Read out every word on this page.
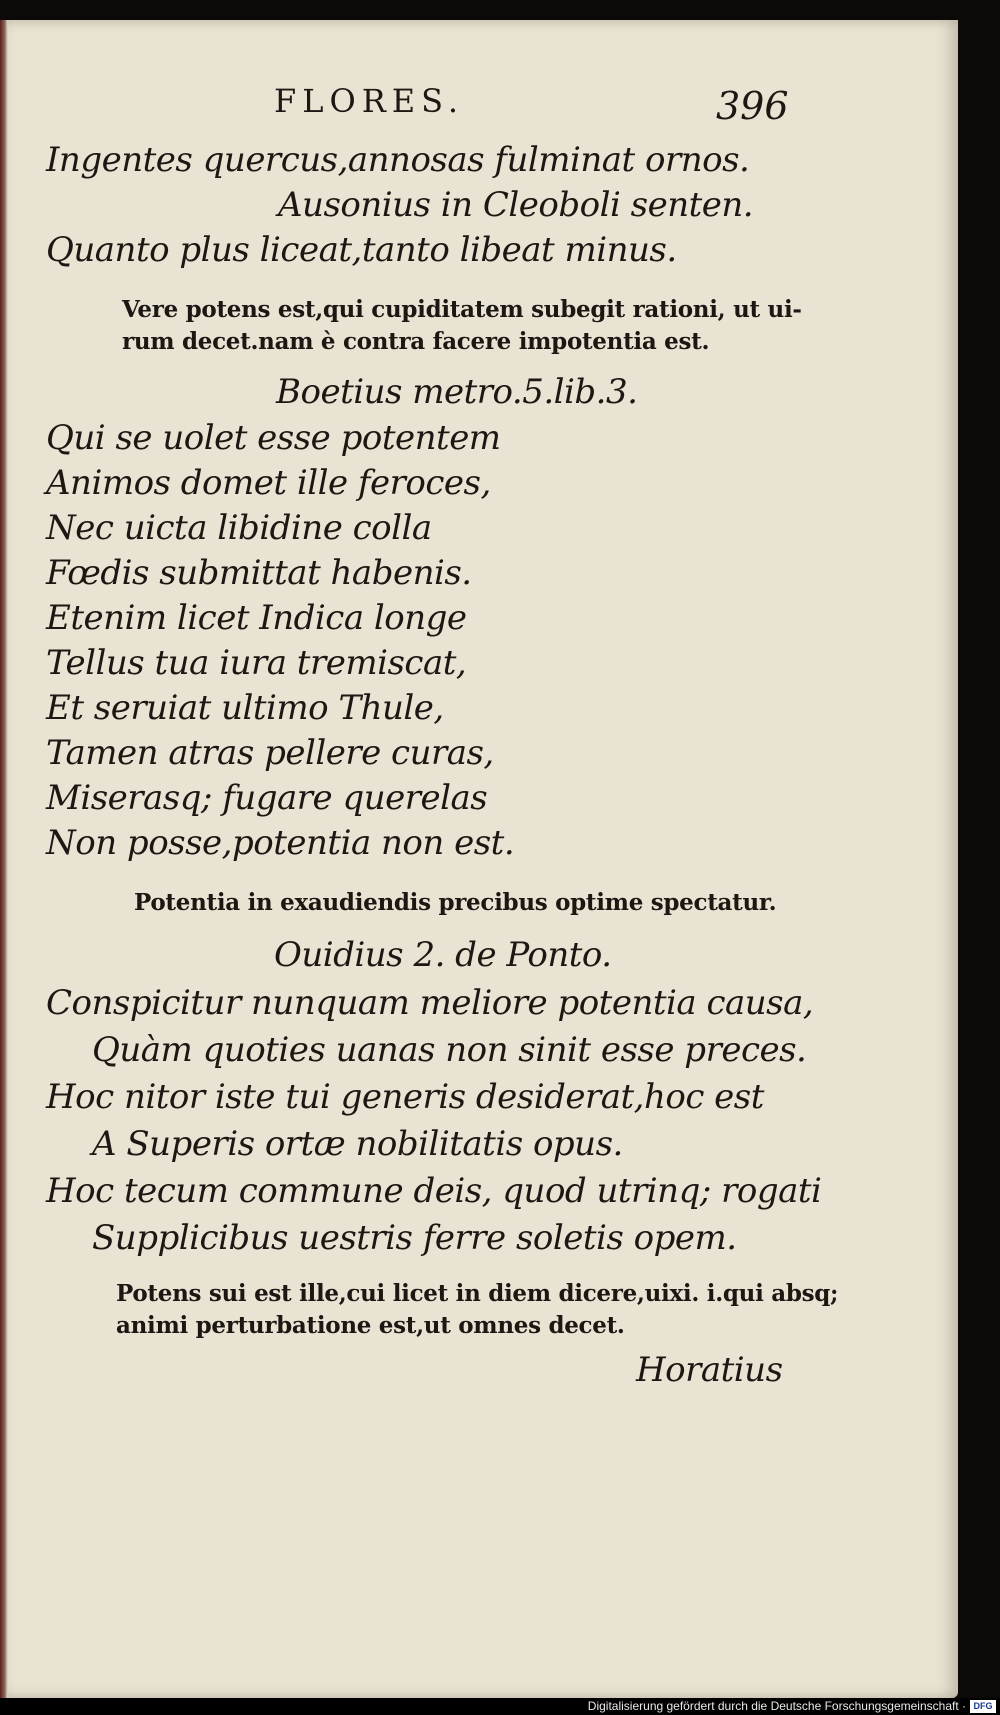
FLORES.	396

Ingentes quercus,annosas fulminat ornos.

Ausonius in Cleoboli senten.

Quanto plus liceat,tanto libeat minus.

Vere potens est,qui cupiditatem subegit rationi, ut ui-

rum decet.nam è contra facere impotentia est.

Boetius metro.5.lib.3.

Qui se uolet esse potentem

Animos domet ille feroces,

Nec uicta libidine colla

Fœdis submittat habenis.

Etenim licet Indica longe

Tellus tua iura tremiscat,

Et seruiat ultimo Thule,

Tamen atras pellere curas,

Miserasq; fugare querelas

Non posse,potentia non est.

Potentia in exaudiendis precibus optime spectatur.

Ouidius 2. de Ponto.

Conspicitur nunquam meliore potentia causa,

Quàm quoties uanas non sinit esse preces.

Hoc nitor iste tui generis desiderat,hoc est

A Superis ortæ nobilitatis opus.

Hoc tecum commune deis, quod utrinq; rogati

Supplicibus uestris ferre soletis opem.

Potens sui est ille,cui licet in diem dicere,uixi. i.qui absq;

animi perturbatione est,ut omnes decet.

Horatius

Digitalisierung gefördert durch die Deutsche Forschungsgemeinschaft · DFG
